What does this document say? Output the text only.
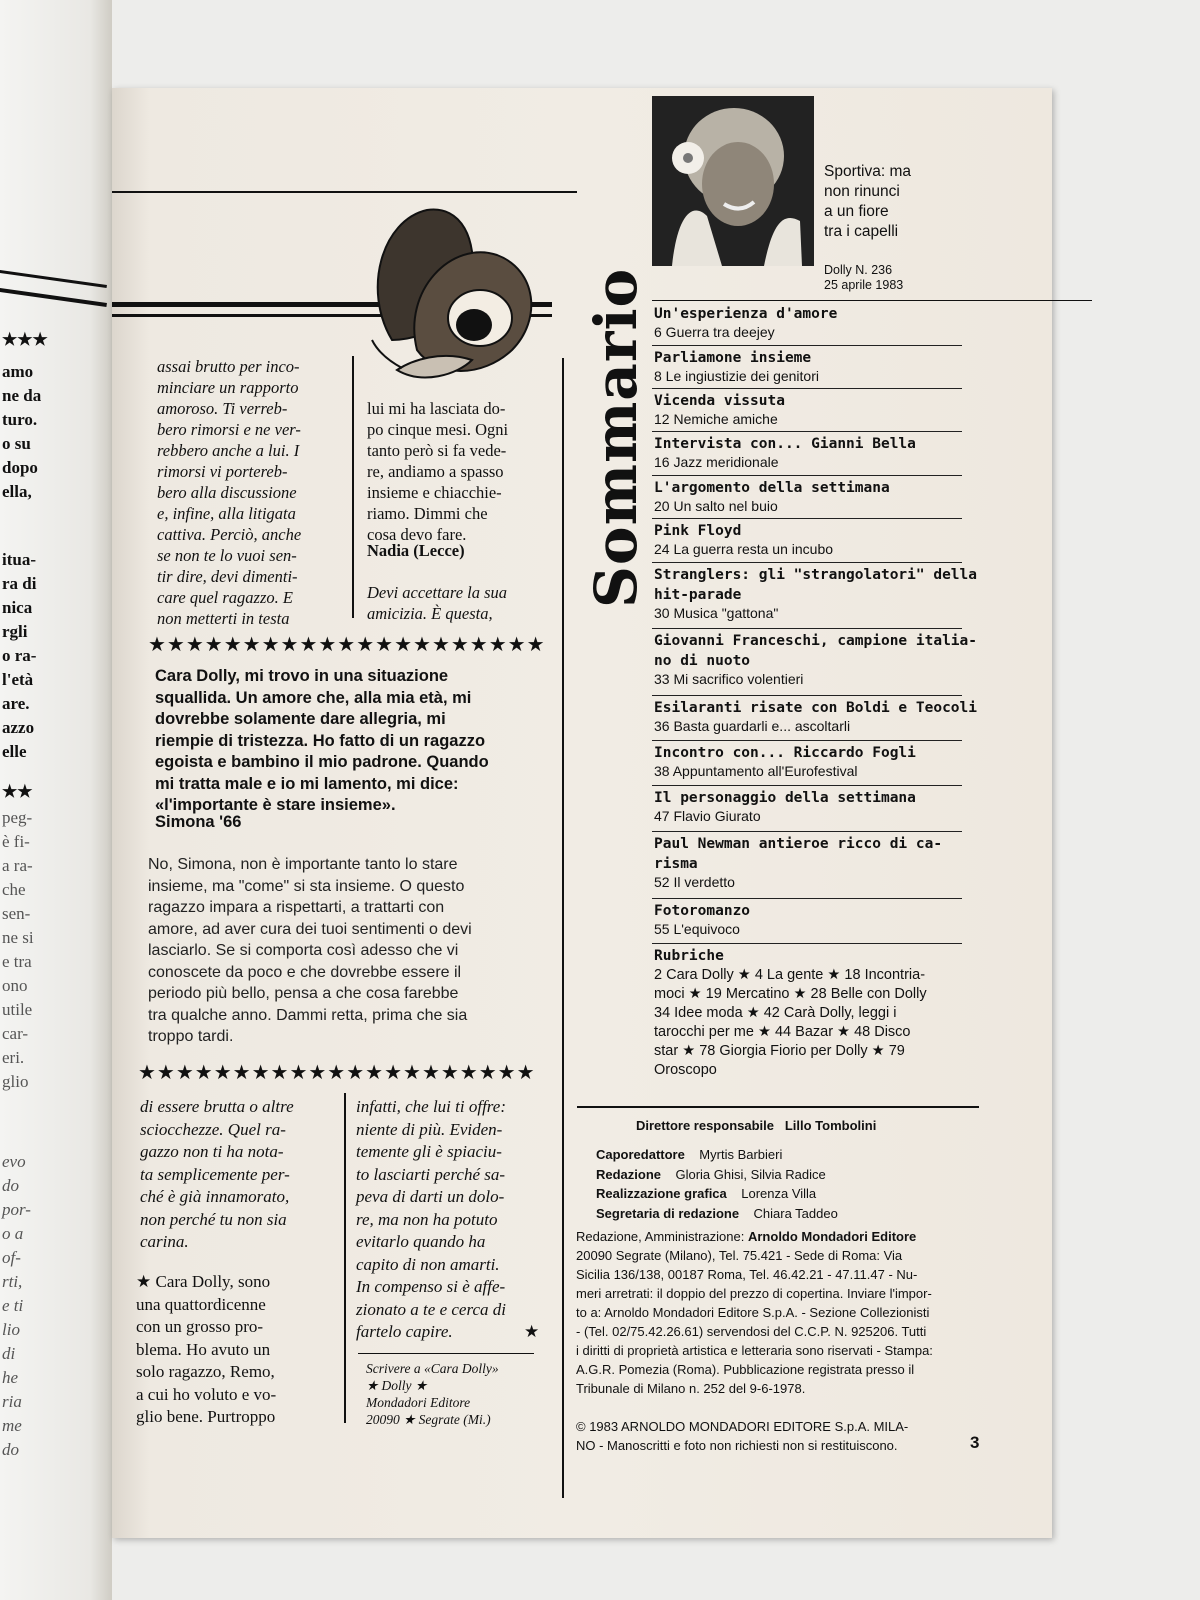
★★★
amo
ne da
turo.
o su
dopo
ella,
itua-
ra di
nica
rgli
o ra-
l'età
are.
azzo
elle
★★
peg-
è fi-
a ra-
che
sen-
ne si
e tra
ono
utile
car-
eri.
glio
evo
do
por-
o a
of-
rti,
e ti
lio
di
he
ria
me
do
Sportiva: ma
non rinunci
a un fiore
tra i capelli
Dolly N. 236
25 aprile 1983
assai brutto per inco-
minciare un rapporto
amoroso. Ti verreb-
bero rimorsi e ne ver-
rebbero anche a lui. I
rimorsi vi portereb-
bero alla discussione
e, infine, alla litigata
cattiva. Perciò, anche
se non te lo vuoi sen-
tir dire, devi dimenti-
care quel ragazzo. E
non metterti in testa
lui mi ha lasciata do-
po cinque mesi. Ogni
tanto però si fa vede-
re, andiamo a spasso
insieme e chiacchie-
riamo. Dimmi che
cosa devo fare.
Nadia (Lecce)
Devi accettare la sua
amicizia. È questa,
★★★★★★★★★★★★★★★★★★★★★
Cara Dolly, mi trovo in una situazione
squallida. Un amore che, alla mia età, mi
dovrebbe solamente dare allegria, mi
riempie di tristezza. Ho fatto di un ragazzo
egoista e bambino il mio padrone. Quando
mi tratta male e io mi lamento, mi dice:
«l'importante è stare insieme».
Simona '66
No, Simona, non è importante tanto lo stare
insieme, ma "come" si sta insieme. O questo
ragazzo impara a rispettarti, a trattarti con
amore, ad aver cura dei tuoi sentimenti o devi
lasciarlo. Se si comporta così adesso che vi
conoscete da poco e che dovrebbe essere il
periodo più bello, pensa a che cosa farebbe
tra qualche anno. Dammi retta, prima che sia
troppo tardi.
★★★★★★★★★★★★★★★★★★★★★
di essere brutta o altre
sciocchezze. Quel ra-
gazzo non ti ha nota-
ta semplicemente per-
ché è già innamorato,
non perché tu non sia
carina.
★ Cara Dolly, sono
una quattordicenne
con un grosso pro-
blema. Ho avuto un
solo ragazzo, Remo,
a cui ho voluto e vo-
glio bene. Purtroppo
infatti, che lui ti offre:
niente di più. Eviden-
temente gli è spiaciu-
to lasciarti perché sa-
peva di darti un dolo-
re, ma non ha potuto
evitarlo quando ha
capito di non amarti.
In compenso si è affe-
zionato a te e cerca di
fartelo capire.	★
Scrivere a «Cara Dolly»
★ Dolly ★
Mondadori Editore
20090 ★ Segrate (Mi.)
Sommario Un'esperienza d'amore
6 Guerra tra deejey
Parliamone insieme
8 Le ingiustizie dei genitori
Vicenda vissuta
12 Nemiche amiche
Intervista con... Gianni Bella
16 Jazz meridionale
L'argomento della settimana
20 Un salto nel buio
Pink Floyd
24 La guerra resta un incubo
Stranglers: gli "strangolatori" della
hit-parade
30 Musica "gattona"
Giovanni Franceschi, campione italia-
no di nuoto
33 Mi sacrifico volentieri
Esilaranti risate con Boldi e Teocoli
36 Basta guardarli e... ascoltarli
Incontro con... Riccardo Fogli
38 Appuntamento all'Eurofestival
Il personaggio della settimana
47 Flavio Giurato
Paul Newman antieroe ricco di ca-
risma
52 Il verdetto
Fotoromanzo
55 L'equivoco
Rubriche
2 Cara Dolly ★ 4 La gente ★ 18 Incontria-
moci ★ 19 Mercatino ★ 28 Belle con Dolly
34 Idee moda ★ 42 Carà Dolly, leggi i
tarocchi per me ★ 44 Bazar ★ 48 Disco
star ★ 78 Giorgia Fiorio per Dolly ★ 79
Oroscopo
Direttore responsabile Lillo Tombolini
Caporedattore    Myrtis Barbieri
Redazione    Gloria Ghisi, Silvia Radice
Realizzazione grafica    Lorenza Villa
Segretaria di redazione    Chiara Taddeo
Redazione, Amministrazione: Arnoldo Mondadori Editore
20090 Segrate (Milano), Tel. 75.421 - Sede di Roma: Via
Sicilia 136/138, 00187 Roma, Tel. 46.42.21 - 47.11.47 - Nu-
meri arretrati: il doppio del prezzo di copertina. Inviare l'impor-
to a: Arnoldo Mondadori Editore S.p.A. - Sezione Collezionisti
- (Tel. 02/75.42.26.61) servendosi del C.C.P. N. 925206. Tutti
i diritti di proprietà artistica e letteraria sono riservati - Stampa:
A.G.R. Pomezia (Roma). Pubblicazione registrata presso il
Tribunale di Milano n. 252 del 9-6-1978.
© 1983 ARNOLDO MONDADORI EDITORE S.p.A. MILA-
NO - Manoscritti e foto non richiesti non si restituiscono.	3
